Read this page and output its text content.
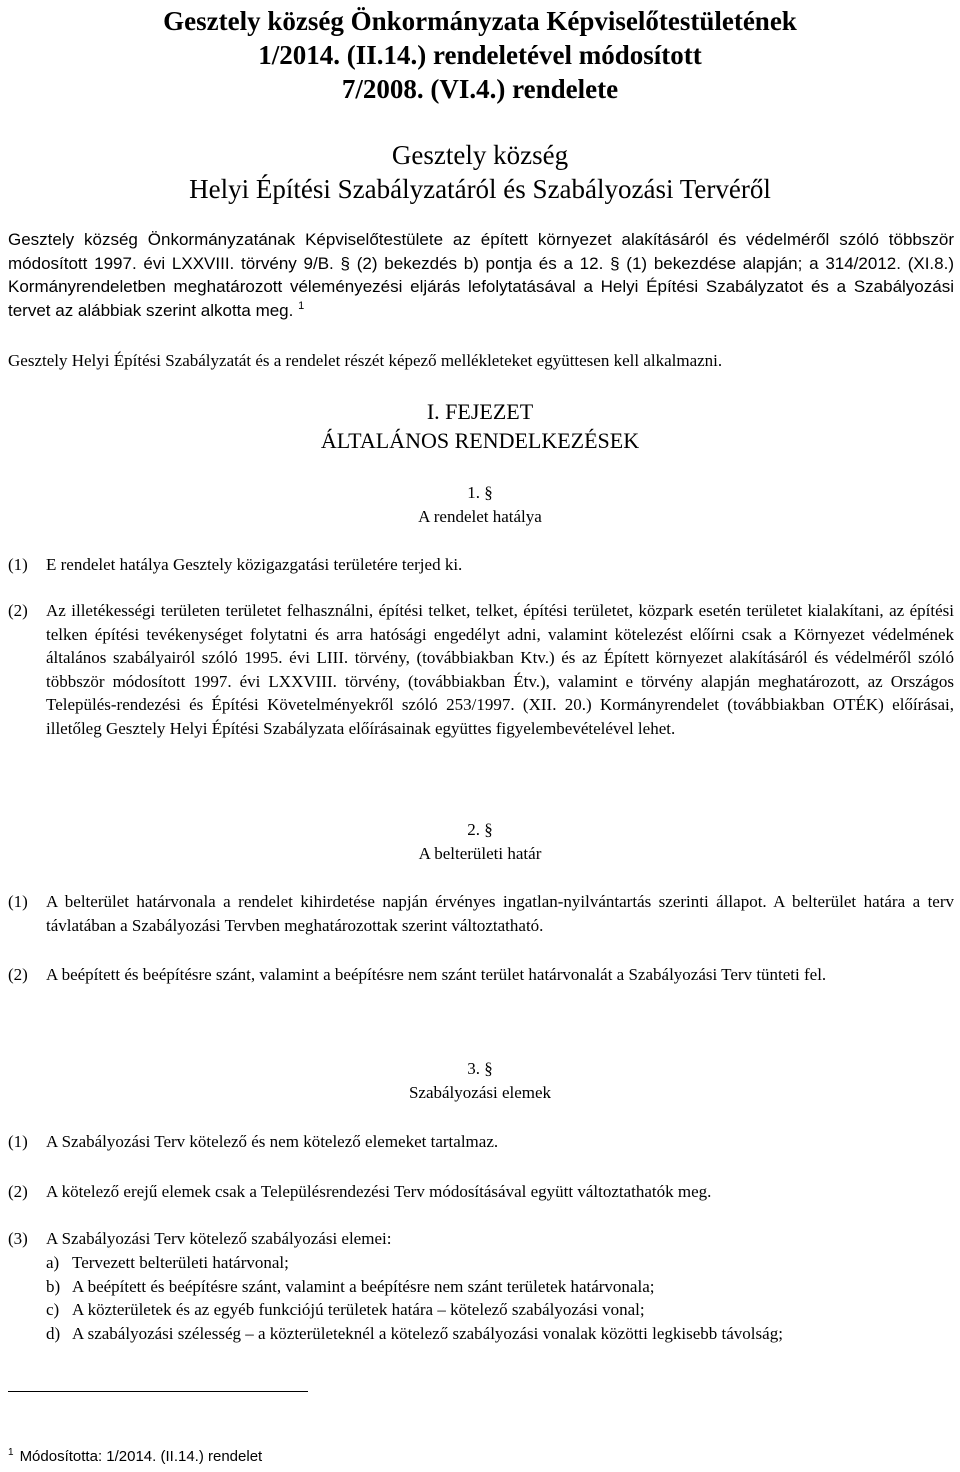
Gesztely község Önkormányzata Képviselőtestületének
1/2014. (II.14.) rendeletével módosított
7/2008. (VI.4.) rendelete
Gesztely község
Helyi Építési Szabályzatáról és Szabályozási Tervéről
Gesztely község Önkormányzatának Képviselőtestülete az épített környezet alakításáról és védelméről szóló többször módosított 1997. évi LXXVIII. törvény 9/B. § (2) bekezdés b) pontja és a 12. § (1) bekezdése alapján; a 314/2012. (XI.8.) Kormányrendeletben meghatározott véleményezési eljárás lefolytatásával a Helyi Építési Szabályzatot és a Szabályozási tervet az alábbiak szerint alkotta meg. $^1$
Gesztely Helyi Építési Szabályzatát és a rendelet részét képező mellékleteket együttesen kell alkalmazni.
I. FEJEZET
ÁLTALÁNOS RENDELKEZÉSEK
1. §
A rendelet hatálya
(1)	E rendelet hatálya Gesztely közigazgatási területére terjed ki.
(2)	Az illetékességi területen területet felhasználni, építési telket, telket, építési területet, közpark esetén területet kialakítani, az építési telken építési tevékenységet folytatni és arra hatósági engedélyt adni, valamint kötelezést előírni csak a Környezet védelmének általános szabályairól szóló 1995. évi LIII. törvény, (továbbiakban Ktv.) és az Épített környezet alakításáról és védelméről szóló többször módosított 1997. évi LXXVIII. törvény, (továbbiakban Étv.), valamint e törvény alapján meghatározott, az Országos Település-rendezési és Építési Követelményekről szóló 253/1997. (XII. 20.) Kormányrendelet (továbbiakban OTÉK) előírásai, illetőleg Gesztely Helyi Építési Szabályzata előírásainak együttes figyelembevételével lehet.
2. §
A belterületi határ
(1)	A belterület határvonala a rendelet kihirdetése napján érvényes ingatlan-nyilvántartás szerinti állapot. A belterület határa a terv távlatában a Szabályozási Tervben meghatározottak szerint változtatható.
(2)	A beépített és beépítésre szánt, valamint a beépítésre nem szánt terület határvonalát a Szabályozási Terv tünteti fel.
3. §
Szabályozási elemek
(1)	A Szabályozási Terv kötelező és nem kötelező elemeket tartalmaz.
(2)	A kötelező erejű elemek csak a Településrendezési Terv módosításával együtt változtathatók meg.
(3)	A Szabályozási Terv kötelező szabályozási elemei:
a) Tervezett belterületi határvonal;
b) A beépített és beépítésre szánt, valamint a beépítésre nem szánt területek határvonala;
c) A közterületek és az egyéb funkciójú területek határa – kötelező szabályozási vonal;
d) A szabályozási szélesség – a közterületeknél a kötelező szabályozási vonalak közötti legkisebb távolság;
$^1$ Módosította: 1/2014. (II.14.) rendelet
